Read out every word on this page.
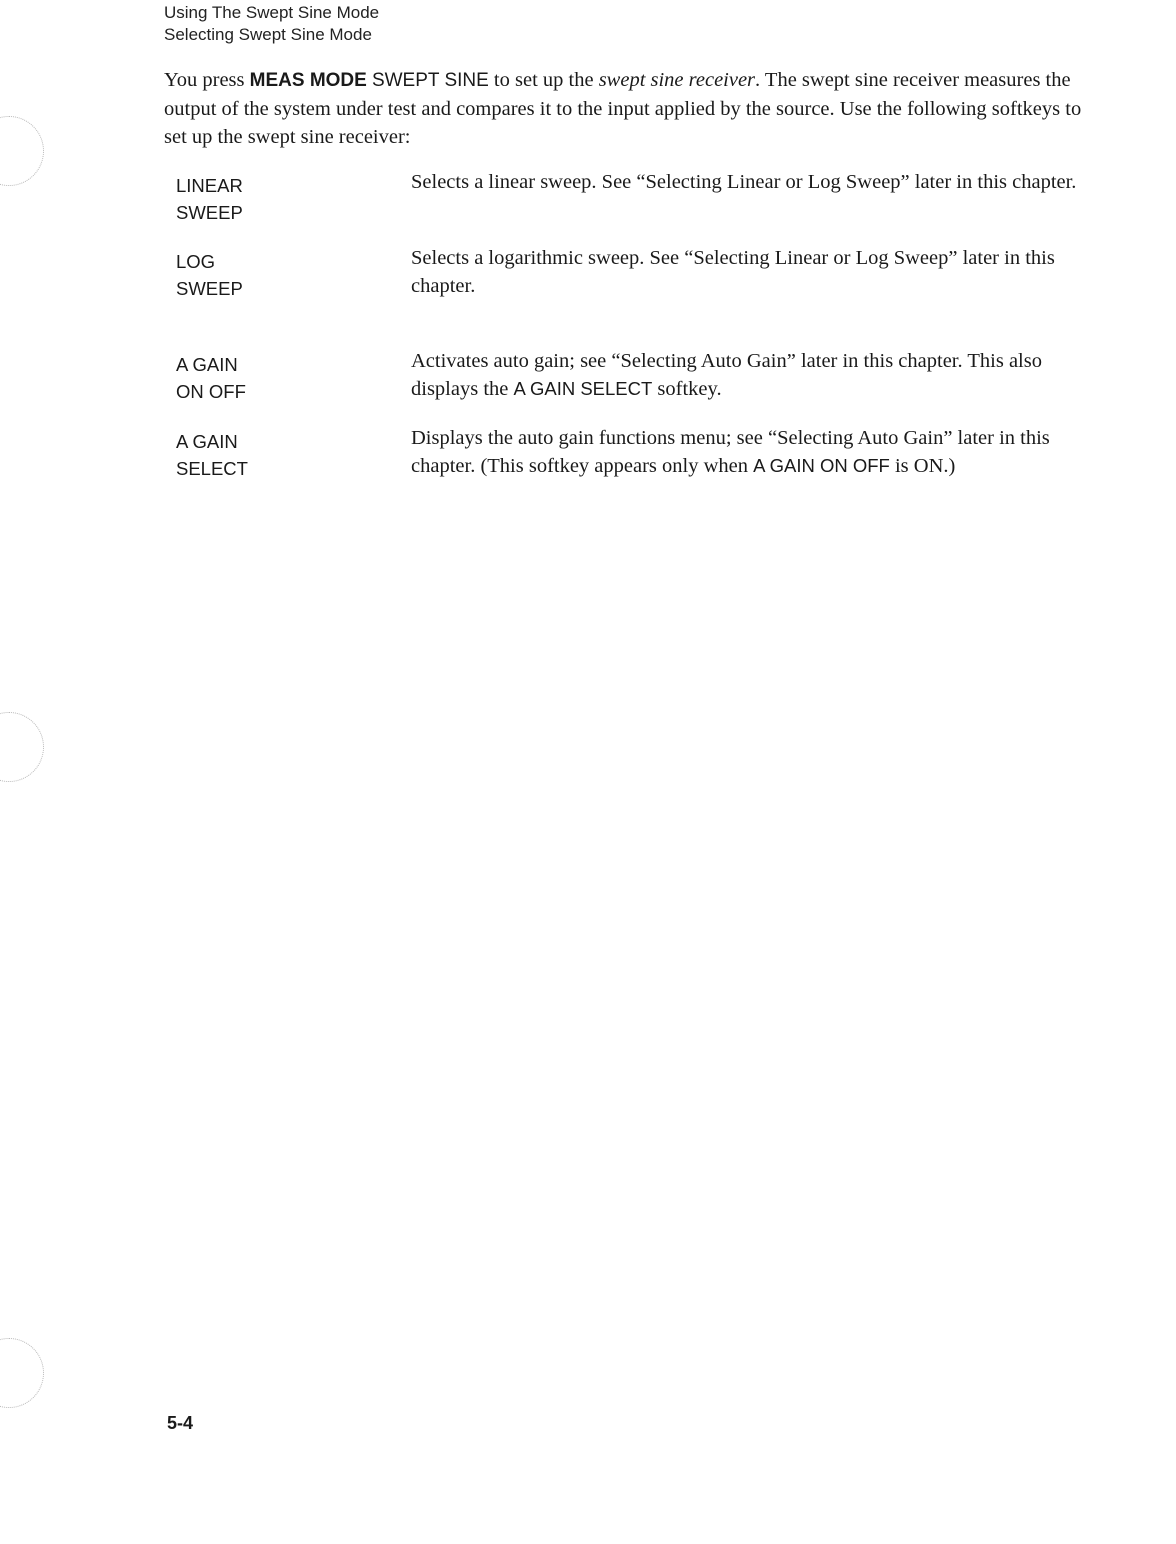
Using The Swept Sine Mode
Selecting Swept Sine Mode

You press MEAS MODE SWEPT SINE to set up the swept sine receiver. The swept sine receiver measures the output of the system under test and compares it to the input applied by the source. Use the following softkeys to set up the swept sine receiver:

LINEAR
SWEEP

Selects a linear sweep. See “Selecting Linear or Log Sweep” later in this chapter.

LOG
SWEEP

Selects a logarithmic sweep. See “Selecting Linear or Log Sweep” later in this chapter.

A GAIN
ON OFF

Activates auto gain; see “Selecting Auto Gain” later in this chapter. This also displays the A GAIN SELECT softkey.

A GAIN
SELECT

Displays the auto gain functions menu; see “Selecting Auto Gain” later in this chapter. (This softkey appears only when A GAIN ON OFF is ON.)

5-4
